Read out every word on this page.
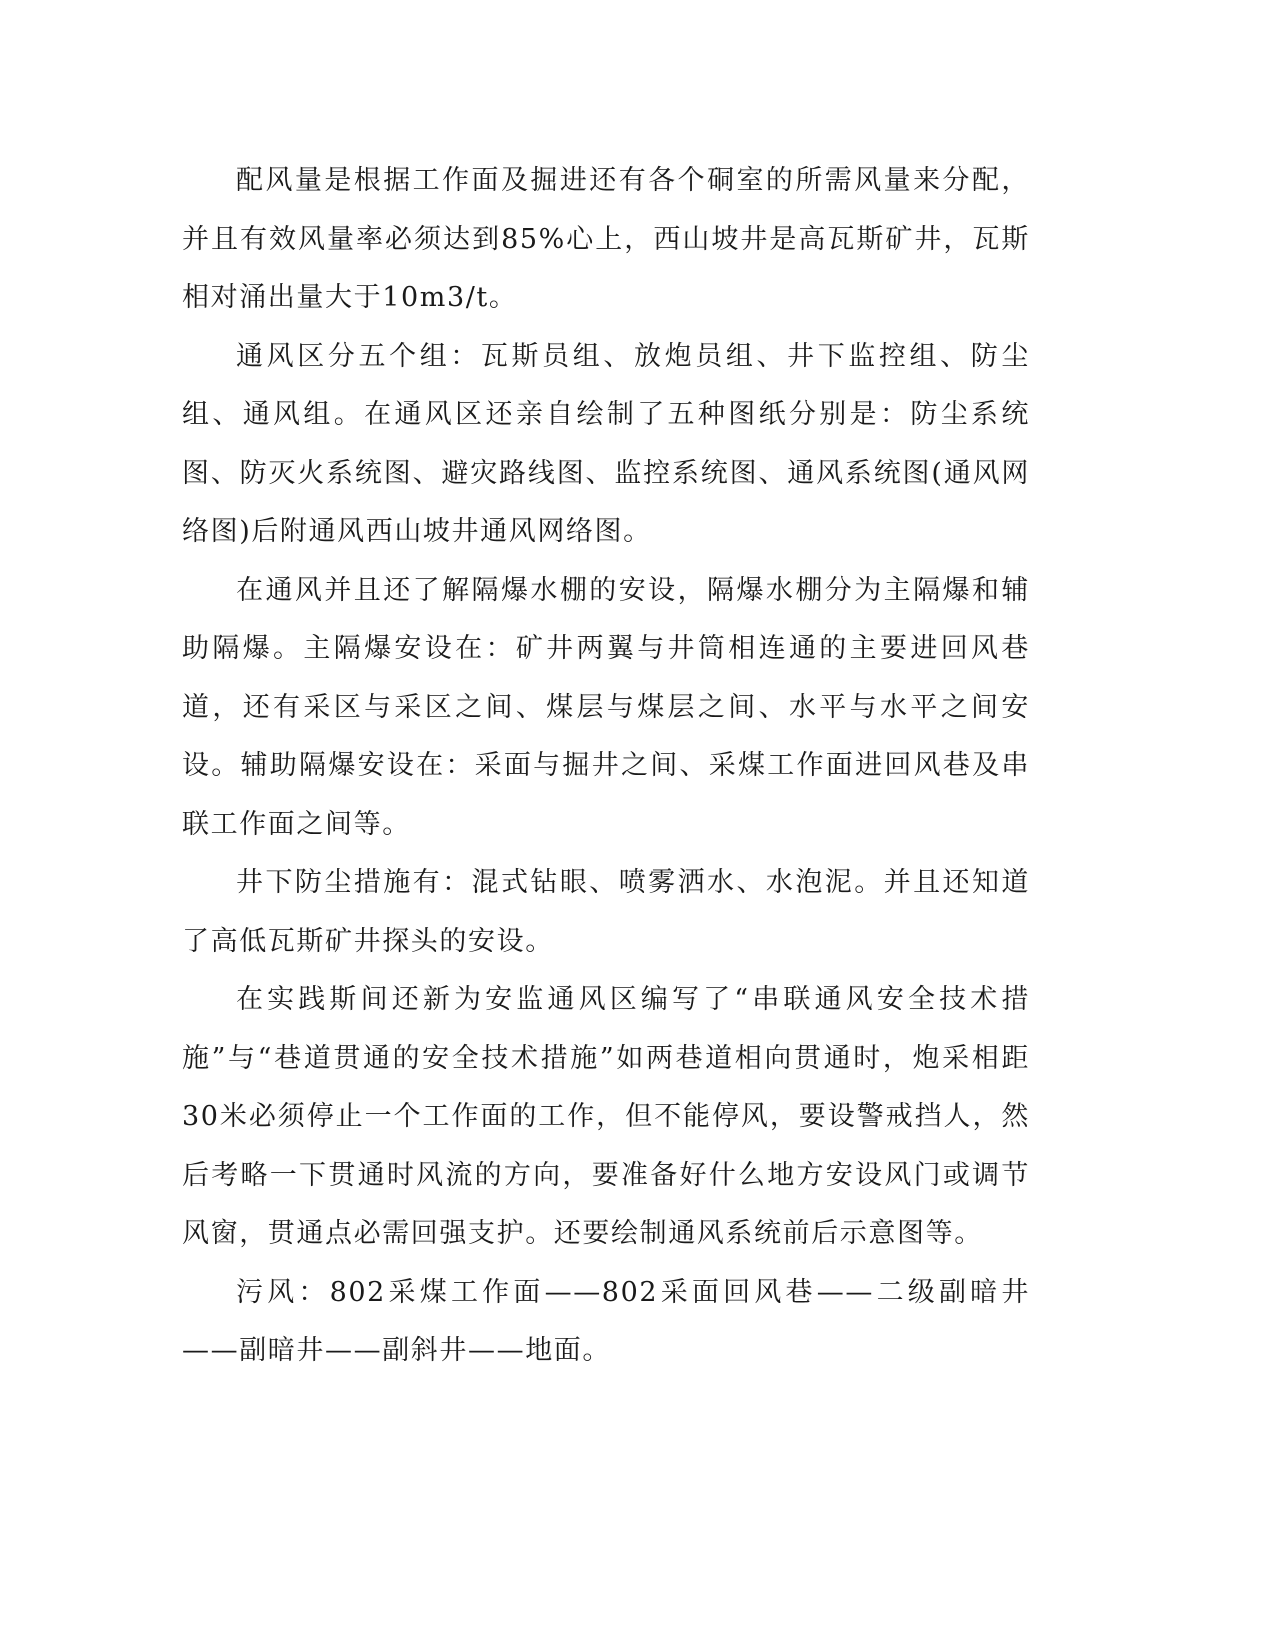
配风量是根据工作面及掘进还有各个硐室的所需风量来分配，并且有效风量率必须达到85%心上，西山坡井是高瓦斯矿井，瓦斯相对涌出量大于10m3/t。

通风区分五个组：瓦斯员组、放炮员组、井下监控组、防尘组、通风组。在通风区还亲自绘制了五种图纸分别是：防尘系统图、防灭火系统图、避灾路线图、监控系统图、通风系统图(通风网络图)后附通风西山坡井通风网络图。

在通风并且还了解隔爆水棚的安设，隔爆水棚分为主隔爆和辅助隔爆。主隔爆安设在：矿井两翼与井筒相连通的主要进回风巷道，还有采区与采区之间、煤层与煤层之间、水平与水平之间安设。辅助隔爆安设在：采面与掘井之间、采煤工作面进回风巷及串联工作面之间等。

井下防尘措施有：混式钻眼、喷雾洒水、水泡泥。并且还知道了高低瓦斯矿井探头的安设。

在实践斯间还新为安监通风区编写了“串联通风安全技术措施”与“巷道贯通的安全技术措施”如两巷道相向贯通时，炮采相距30米必须停止一个工作面的工作，但不能停风，要设警戒挡人，然后考略一下贯通时风流的方向，要准备好什么地方安设风门或调节风窗，贯通点必需回强支护。还要绘制通风系统前后示意图等。

污风：802采煤工作面——802采面回风巷——二级副暗井——副暗井——副斜井——地面。
